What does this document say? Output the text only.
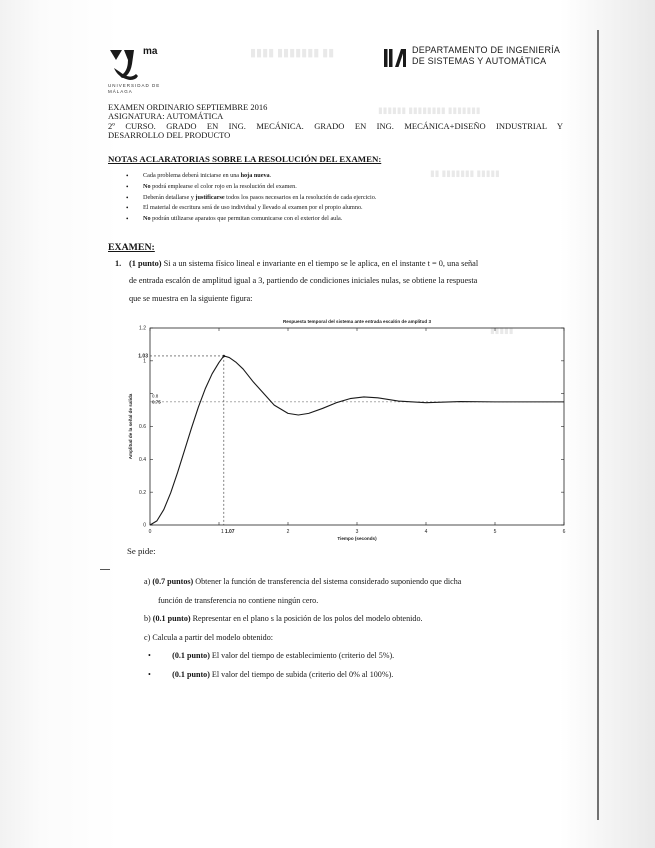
▮▮▮▮ ▮▮▮▮▮▮▮ ▮▮
▮▮▮▮▮▮ ▮▮▮▮▮▮▮▮ ▮▮▮▮▮▮▮
▮▮ ▮▮▮▮▮▮▮ ▮▮▮▮▮
▮▮▮▮▮
ma
UNIVERSIDAD DE MÁLAGA
DEPARTAMENTO DE INGENIERÍA
DE SISTEMAS Y AUTOMÁTICA
EXAMEN ORDINARIO SEPTIEMBRE 2016
ASIGNATURA: AUTOMÁTICA
2º CURSO. GRADO EN ING. MECÁNICA. GRADO EN ING. MECÁNICA+DISEÑO INDUSTRIAL Y
DESARROLLO DEL PRODUCTO
NOTAS ACLARATORIAS SOBRE LA RESOLUCIÓN DEL EXAMEN:
• Cada problema deberá iniciarse en una hoja nueva.
• No podrá emplearse el color rojo en la resolución del examen.
• Deberán detallarse y justificarse todos los pasos necesarios en la resolución de cada ejercicio.
• El material de escritura será de uso individual y llevado al examen por el propio alumno.
• No podrán utilizarse aparatos que permitan comunicarse con el exterior del aula.
EXAMEN:
1. (1 punto) Si a un sistema físico lineal e invariante en el tiempo se le aplica, en el instante t = 0, una señal
de entrada escalón de amplitud igual a 3, partiendo de condiciones iniciales nulas, se obtiene la respuesta
que se muestra en la siguiente figura:
0	2	3	4	5	6
0
0.2
0.4
0.6
1
1.2
1.03
0.8
0.75
1 1.07
Respuesta temporal del sistema ante entrada escalón de amplitud 3
Tiempo (seconds)
Amplitud de la señal de salida
Se pide:
a) (0.7 puntos) Obtener la función de transferencia del sistema considerado suponiendo que dicha
función de transferencia no contiene ningún cero.
b) (0.1 punto) Representar en el plano s la posición de los polos del modelo obtenido.
c) Calcula a partir del modelo obtenido:
•	(0.1 punto) El valor del tiempo de establecimiento (criterio del 5%).
•	(0.1 punto) El valor del tiempo de subida (criterio del 0% al 100%).
